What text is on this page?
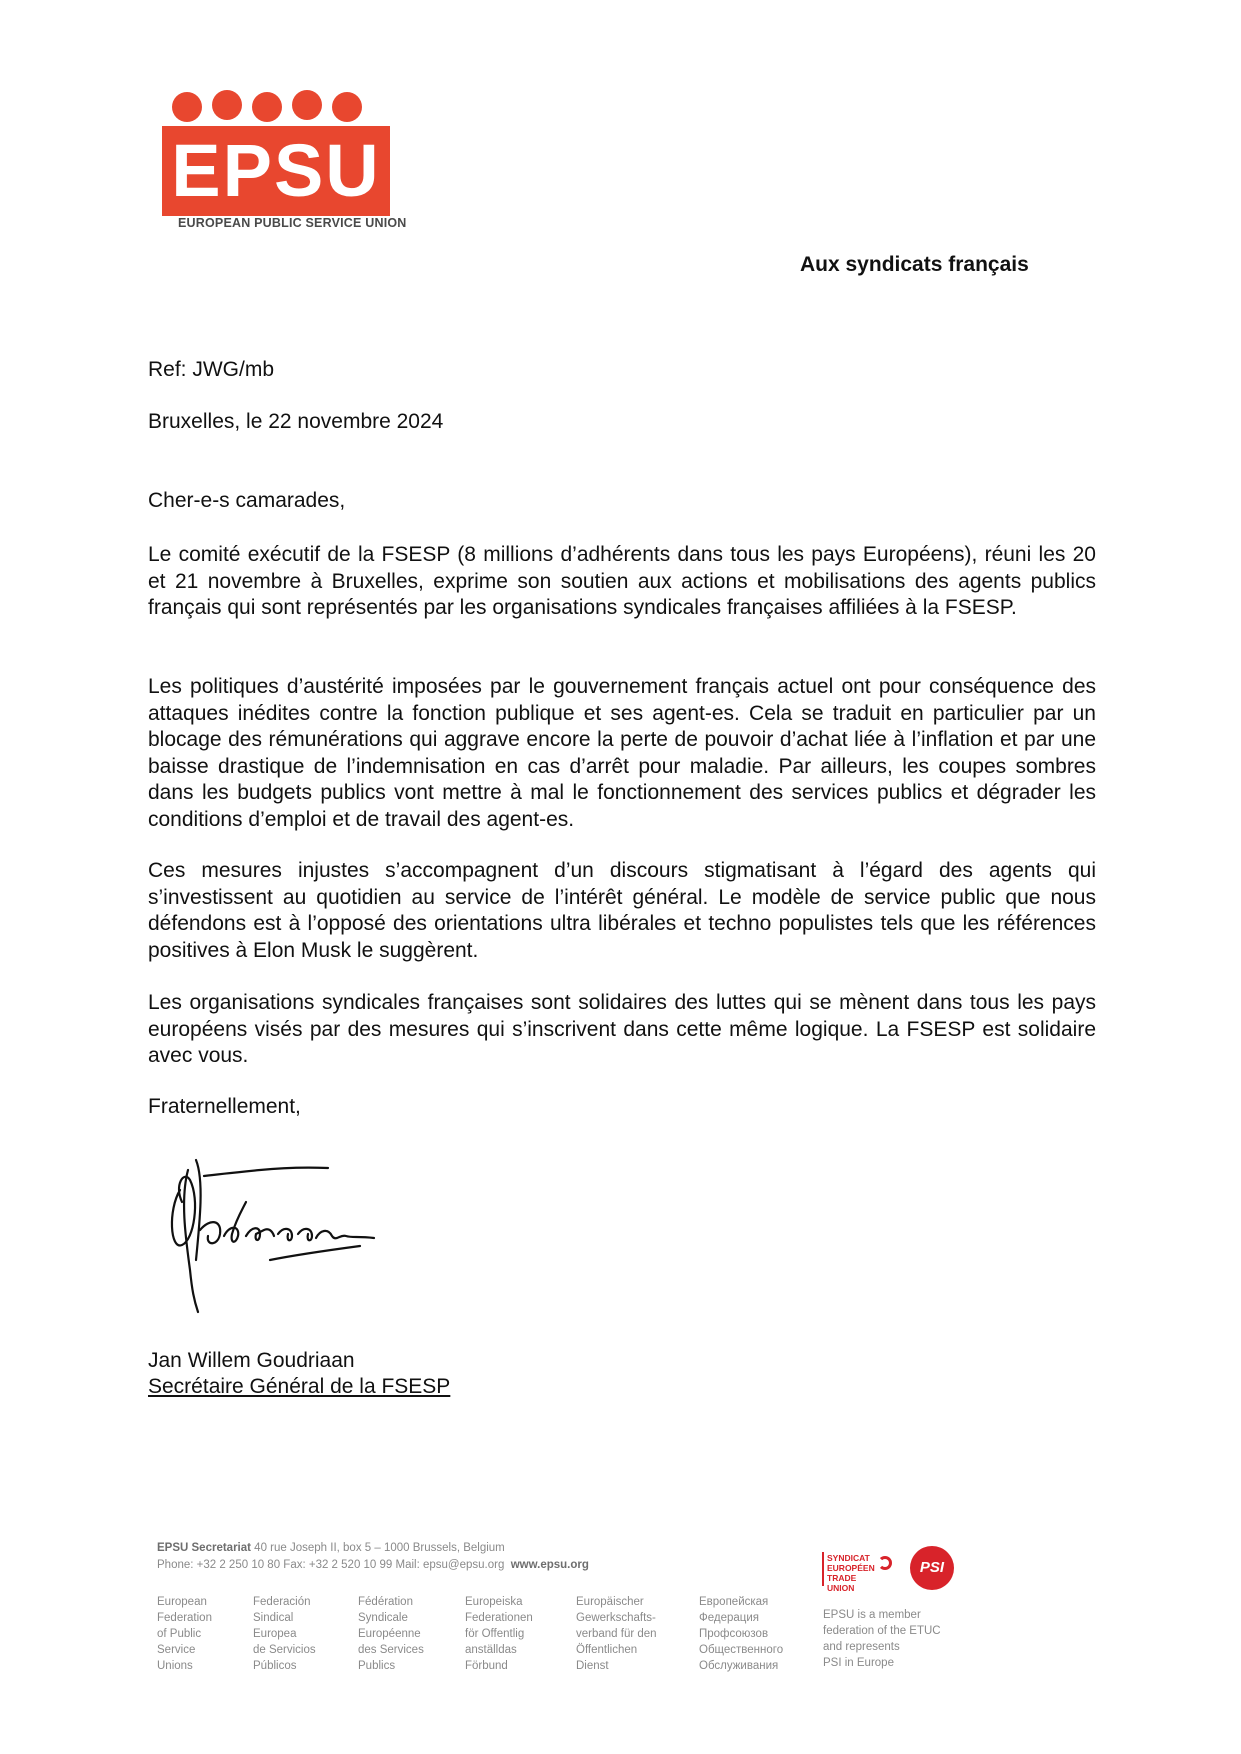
EPSU
EUROPEAN PUBLIC SERVICE UNION
Aux syndicats français
Ref: JWG/mb
Bruxelles, le 22 novembre 2024
Cher-e-s camarades,
Le comité exécutif de la FSESP (8 millions d’adhérents dans tous les pays Européens), réuni les 20 et 21 novembre à Bruxelles, exprime son soutien aux actions et mobilisations des agents publics français qui sont représentés par les organisations syndicales françaises affiliées à la FSESP.
Les politiques d’austérité imposées par le gouvernement français actuel ont pour conséquence des attaques inédites contre la fonction publique et ses agent-es. Cela se traduit en particulier par un blocage des rémunérations qui aggrave encore la perte de pouvoir d’achat liée à l’inflation et par une baisse drastique de l’indemnisation en cas d’arrêt pour maladie. Par ailleurs, les coupes sombres dans les budgets publics vont mettre à mal le fonctionnement des services publics et dégrader les conditions d’emploi et de travail des agent-es.
Ces mesures injustes s’accompagnent d’un discours stigmatisant à l’égard des agents qui s’investissent au quotidien au service de l’intérêt général. Le modèle de service public que nous défendons est à l’opposé des orientations ultra libérales et techno populistes tels que les références positives à Elon Musk le suggèrent.
Les organisations syndicales françaises sont solidaires des luttes qui se mènent dans tous les pays européens visés par des mesures qui s’inscrivent dans cette même logique. La FSESP est solidaire avec vous.
Fraternellement,
Jan Willem Goudriaan
Secrétaire Général de la FSESP
EPSU Secretariat 40 rue Joseph II, box 5 – 1000 Brussels, Belgium
Phone: +32 2 250 10 80 Fax: +32 2 520 10 99 Mail: epsu@epsu.org www.epsu.org
European
Federation
of Public
Service
Unions
Federación
Sindical
Europea
de Servicios
Públicos
Fédération
Syndicale
Européenne
des Services
Publics
Europeiska
Federationen
för Offentlig
anställdas
Förbund
Europäischer
Gewerkschafts-
verband für den
Öffentlichen
Dienst
Европейская
Федерация
Профсоюзов
Общественного
Обслуживания
SYNDICAT EUROPÉEN TRADE UNION
PSI
EPSU is a member
federation of the ETUC
and represents
PSI in Europe
